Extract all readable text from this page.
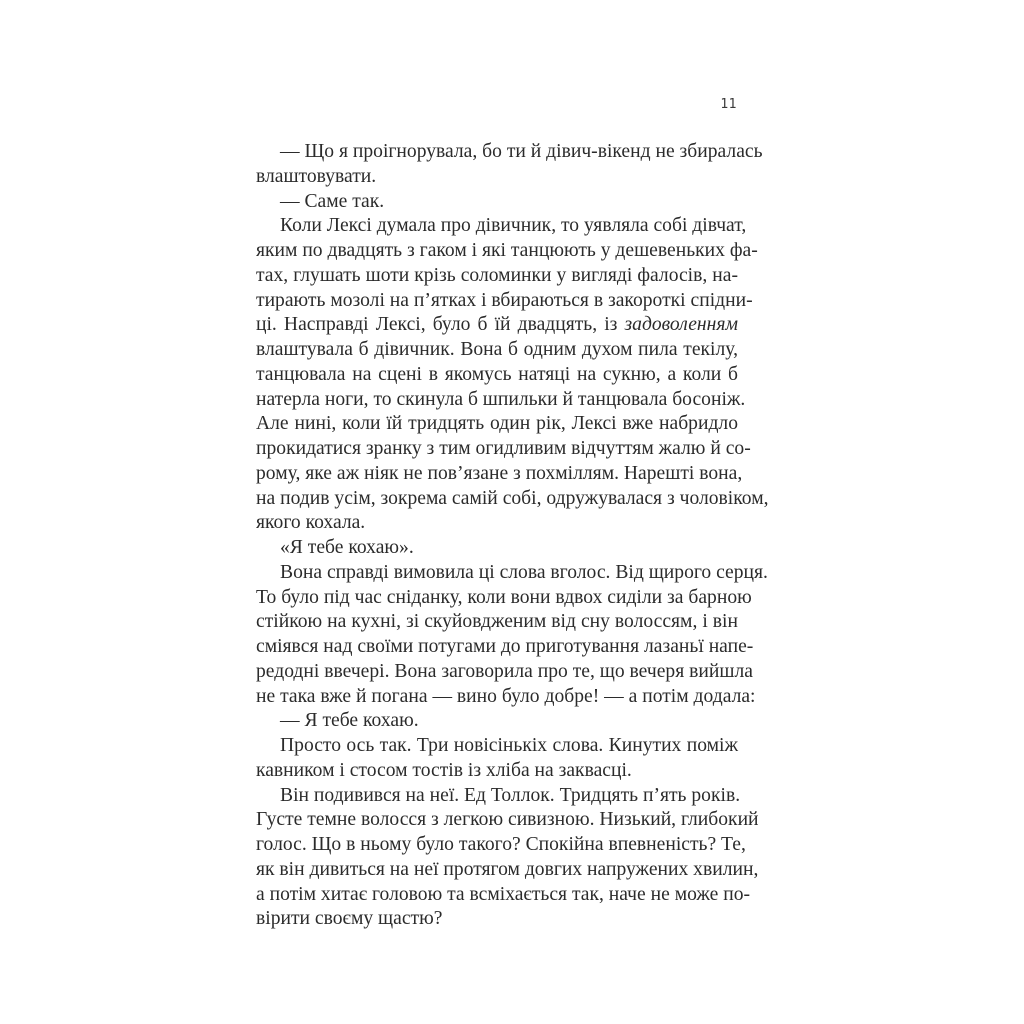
11
— Що я проігнорувала, бо ти й дівич-вікенд не збиралась
влаштовувати.
— Саме так.
Коли Лексі думала про дівичник, то уявляла собі дівчат,
яким по двадцять з гаком і які танцюють у дешевеньких фа-
тах, глушать шоти крізь соломинки у вигляді фалосів, на-
тирають мозолі на п’ятках і вбираються в закороткі спідни-
ці. Насправді Лексі, було б їй двадцять, із задоволенням
влаштувала б дівичник. Вона б одним духом пила текілу,
танцювала на сцені в якомусь натяці на сукню, а коли б
натерла ноги, то скинула б шпильки й танцювала босоніж.
Але нині, коли їй тридцять один рік, Лексі вже набридло
прокидатися зранку з тим огидливим відчуттям жалю й со-
рому, яке аж ніяк не пов’язане з похміллям. Нарешті вона,
на подив усім, зокрема самій собі, одружувалася з чоловіком,
якого кохала.
«Я тебе кохаю».
Вона справді вимовила ці слова вголос. Від щирого серця.
То було під час сніданку, коли вони вдвох сиділи за барною
стійкою на кухні, зі скуйовдженим від сну волоссям, і він
сміявся над своїми потугами до приготування лазаньї напе-
редодні ввечері. Вона заговорила про те, що вечеря вийшла
не така вже й погана — вино було добре! — а потім додала:
— Я тебе кохаю.
Просто ось так. Три новісінькіх слова. Кинутих поміж
кавником і стосом тостів із хліба на заквасці.
Він подивився на неї. Ед Толлок. Тридцять п’ять років.
Густе темне волосся з легкою сивизною. Низький, глибокий
голос. Що в ньому було такого? Спокійна впевненість? Те,
як він дивиться на неї протягом довгих напружених хвилин,
а потім хитає головою та всміхається так, наче не може по-
вірити своєму щастю?
